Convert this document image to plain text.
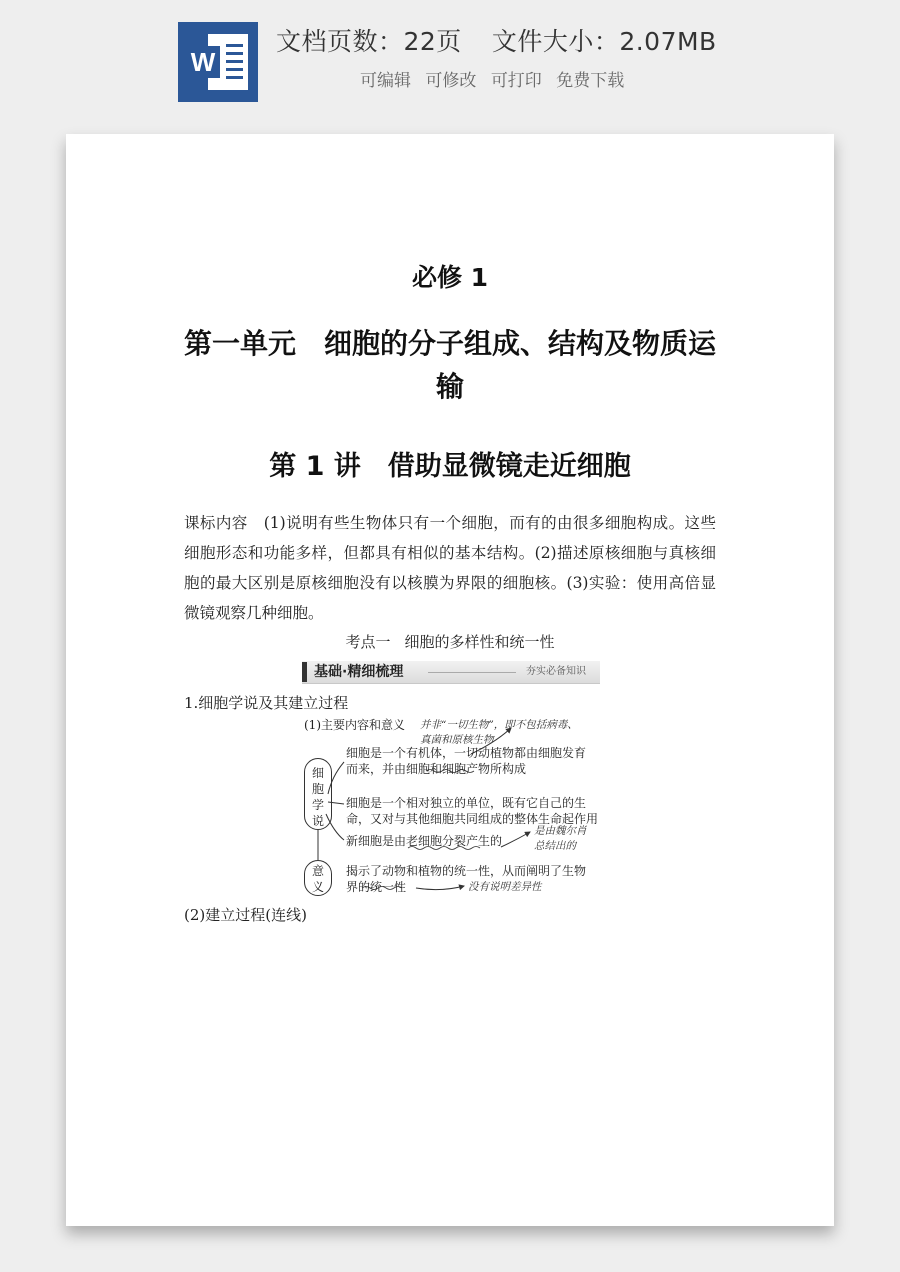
W
文档页数：22页 文件大小：2.07MB
可编辑 可修改 可打印 免费下载
必修 1
第一单元　细胞的分子组成、结构及物质运输
第 1 讲　借助显微镜走近细胞
课标内容 (1)说明有些生物体只有一个细胞，而有的由很多细胞构成。这些细胞形态和功能多样，但都具有相似的基本结构。(2)描述原核细胞与真核细胞的最大区别是原核细胞没有以核膜为界限的细胞核。(3)实验：使用高倍显微镜观察几种细胞。
考点一 细胞的多样性和统一性
基础·精细梳理	夯实必备知识
1.细胞学说及其建立过程
(1)主要内容和意义 并非“一切生物”，即不包括病毒、
真菌和原核生物
细胞学说
意义
细胞是一个有机体，一切动植物都由细胞发育
而来，并由细胞和细胞产物所构成
细胞是一个相对独立的单位，既有它自己的生
命，又对与其他细胞共同组成的整体生命起作用
新细胞是由老细胞分裂产生的
是由魏尔肖
总结出的
揭示了动物和植物的统一性，从而阐明了生物
界的统一性	没有说明差异性
(2)建立过程(连线)
